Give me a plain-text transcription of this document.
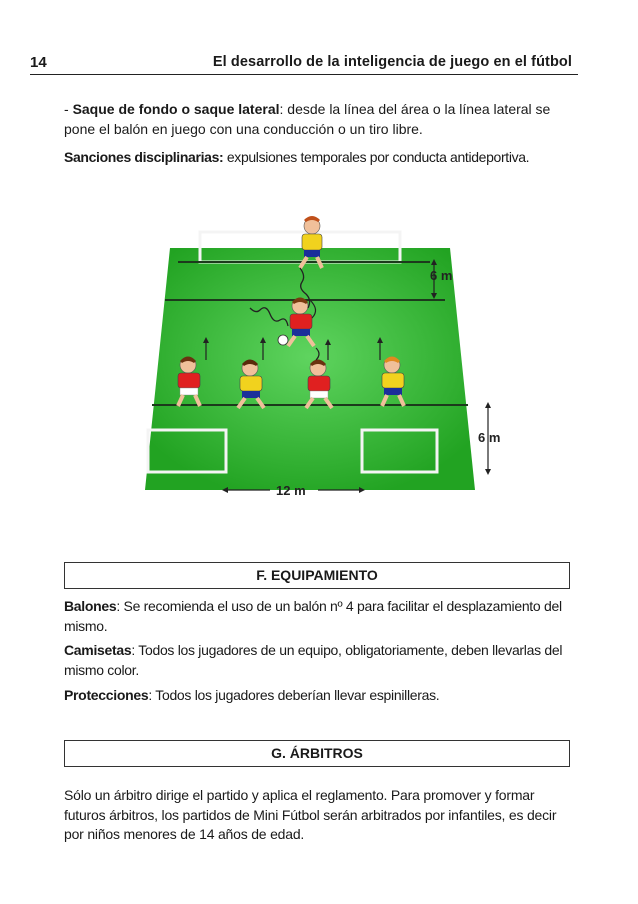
14	El desarrollo de la inteligencia de juego en el fútbol

- Saque de fondo o saque lateral: desde la línea del área o la línea lateral se pone el balón en juego con una conducción o un tiro libre.

Sanciones disciplinarias: expulsiones temporales por conducta antideportiva.

6 m
6 m
12 m
F. EQUIPAMIENTO

Balones: Se recomienda el uso de un balón nº 4 para facilitar el desplazamiento del mismo.

Camisetas: Todos los jugadores de un equipo, obligatoriamente, deben llevarlas del mismo color.

Protecciones: Todos los jugadores deberían llevar espinilleras.

G. ÁRBITROS

Sólo un árbitro dirige el partido y aplica el reglamento. Para promover y formar futuros árbitros, los partidos de Mini Fútbol serán arbitrados por infantiles, es decir por niños menores de 14 años de edad.
